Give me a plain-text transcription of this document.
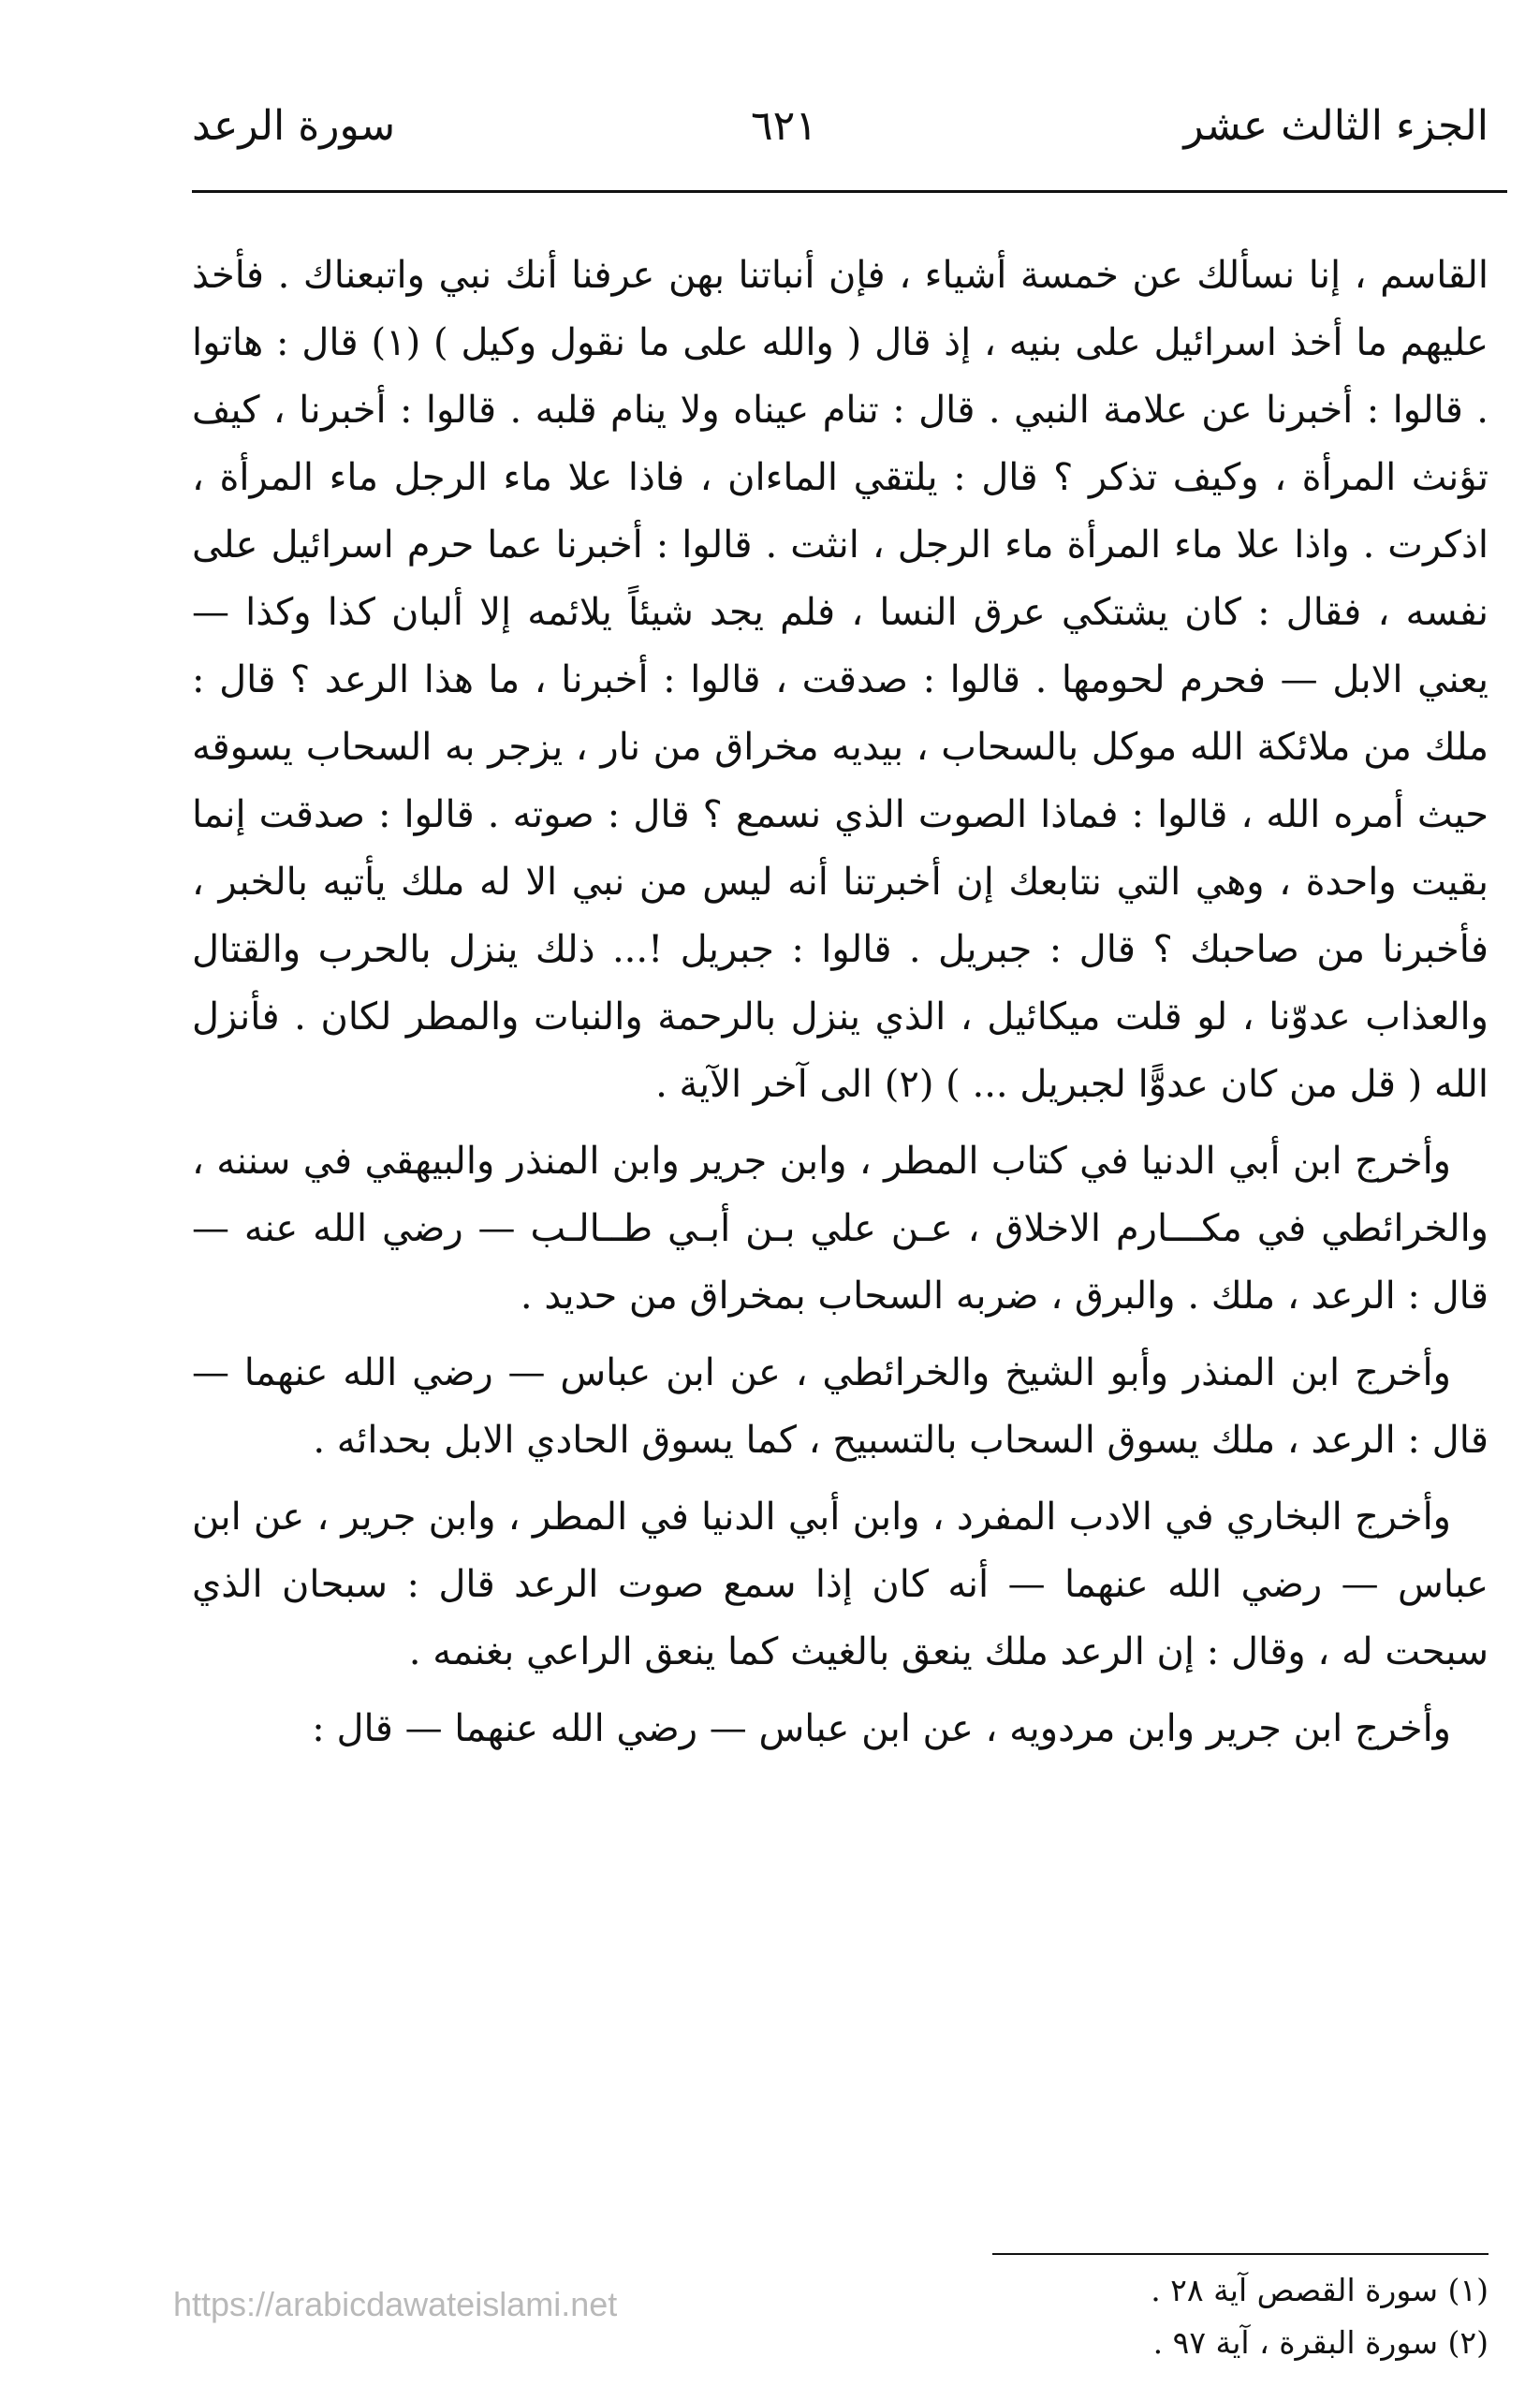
الجزء الثالث عشر
٦٢١
سورة الرعد

القاسم ، إنا نسألك عن خمسة أشياء ، فإن أنباتنا بهن عرفنا أنك نبي واتبعناك . فأخذ عليهم ما أخذ اسرائيل على بنيه ، إذ قال ( والله على ما نقول وكيل ) (١) قال : هاتوا . قالوا : أخبرنا عن علامة النبي . قال : تنام عيناه ولا ينام قلبه . قالوا : أخبرنا ، كيف تؤنث المرأة ، وكيف تذكر ؟ قال : يلتقي الماءان ، فاذا علا ماء الرجل ماء المرأة ، اذكرت . واذا علا ماء المرأة ماء الرجل ، انثت . قالوا : أخبرنا عما حرم اسرائيل على نفسه ، فقال : كان يشتكي عرق النسا ، فلم يجد شيئاً يلائمه إلا ألبان كذا وكذا — يعني الابل — فحرم لحومها . قالوا : صدقت ، قالوا : أخبرنا ، ما هذا الرعد ؟ قال : ملك من ملائكة الله موكل بالسحاب ، بيديه مخراق من نار ، يزجر به السحاب يسوقه حيث أمره الله ، قالوا : فماذا الصوت الذي نسمع ؟ قال : صوته . قالوا : صدقت إنما بقيت واحدة ، وهي التي نتابعك إن أخبرتنا أنه ليس من نبي الا له ملك يأتيه بالخبر ، فأخبرنا من صاحبك ؟ قال : جبريل . قالوا : جبريل !... ذلك ينزل بالحرب والقتال والعذاب عدوّنا ، لو قلت ميكائيل ، الذي ينزل بالرحمة والنبات والمطر لكان . فأنزل الله ( قل من كان عدوًّا لجبريل ... ) (٢) الى آخر الآية .

وأخرج ابن أبي الدنيا في كتاب المطر ، وابن جرير وابن المنذر والبيهقي في سننه ، والخرائطي في مكـــارم الاخلاق ، عـن علي بـن أبـي طــالـب — رضي الله عنه — قال : الرعد ، ملك . والبرق ، ضربه السحاب بمخراق من حديد .

وأخرج ابن المنذر وأبو الشيخ والخرائطي ، عن ابن عباس — رضي الله عنهما — قال : الرعد ، ملك يسوق السحاب بالتسبيح ، كما يسوق الحادي الابل بحدائه .

وأخرج البخاري في الادب المفرد ، وابن أبي الدنيا في المطر ، وابن جرير ، عن ابن عباس — رضي الله عنهما — أنه كان إذا سمع صوت الرعد قال : سبحان الذي سبحت له ، وقال : إن الرعد ملك ينعق بالغيث كما ينعق الراعي بغنمه .

وأخرج ابن جرير وابن مردويه ، عن ابن عباس — رضي الله عنهما — قال :

(١) سورة القصص آية ٢٨ .

(٢) سورة البقرة ، آية ٩٧ .

https://arabicdawateislami.net
